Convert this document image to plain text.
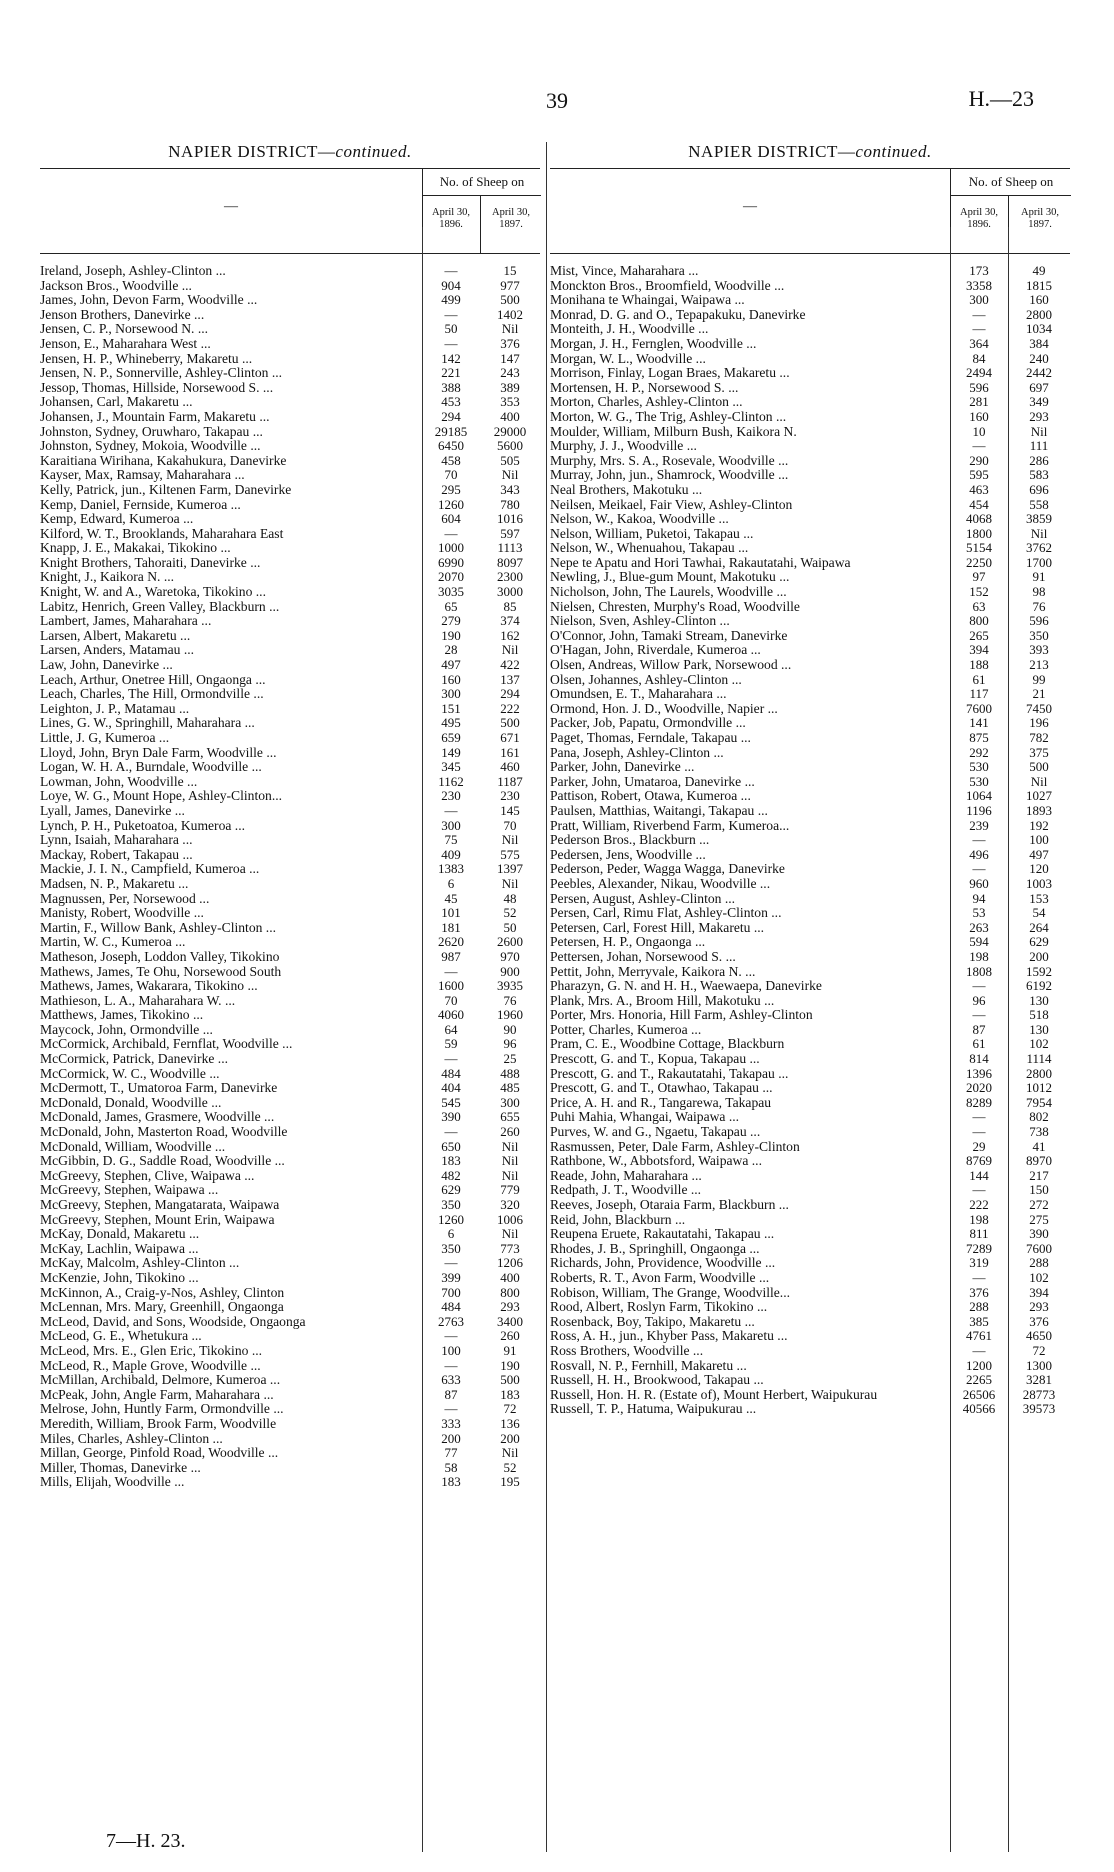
39	H.—23
NAPIER DISTRICT—continued.
—
No. of Sheep on
April 30, 1896.
April 30, 1897.
Ireland, Joseph, Ashley-Clinton ...	—	15
Jackson Bros., Woodville ...	904	977
James, John, Devon Farm, Woodville ...	499	500
Jenson Brothers, Danevirke ...	—	1402
Jensen, C. P., Norsewood N. ...	50	Nil
Jenson, E., Maharahara West ...	—	376
Jensen, H. P., Whineberry, Makaretu ...	142	147
Jensen, N. P., Sonnerville, Ashley-Clinton ...	221	243
Jessop, Thomas, Hillside, Norsewood S. ...	388	389
Johansen, Carl, Makaretu ...	453	353
Johansen, J., Mountain Farm, Makaretu ...	294	400
Johnston, Sydney, Oruwharo, Takapau ...	29185	29000
Johnston, Sydney, Mokoia, Woodville ...	6450	5600
Karaitiana Wirihana, Kakahukura, Danevirke	458	505
Kayser, Max, Ramsay, Maharahara ...	70	Nil
Kelly, Patrick, jun., Kiltenen Farm, Danevirke	295	343
Kemp, Daniel, Fernside, Kumeroa ...	1260	780
Kemp, Edward, Kumeroa ...	604	1016
Kilford, W. T., Brooklands, Maharahara East	—	597
Knapp, J. E., Makakai, Tikokino ...	1000	1113
Knight Brothers, Tahoraiti, Danevirke ...	6990	8097
Knight, J., Kaikora N. ...	2070	2300
Knight, W. and A., Waretoka, Tikokino ...	3035	3000
Labitz, Henrich, Green Valley, Blackburn ...	65	85
Lambert, James, Maharahara ...	279	374
Larsen, Albert, Makaretu ...	190	162
Larsen, Anders, Matamau ...	28	Nil
Law, John, Danevirke ...	497	422
Leach, Arthur, Onetree Hill, Ongaonga ...	160	137
Leach, Charles, The Hill, Ormondville ...	300	294
Leighton, J. P., Matamau ...	151	222
Lines, G. W., Springhill, Maharahara ...	495	500
Little, J. G, Kumeroa ...	659	671
Lloyd, John, Bryn Dale Farm, Woodville ...	149	161
Logan, W. H. A., Burndale, Woodville ...	345	460
Lowman, John, Woodville ...	1162	1187
Loye, W. G., Mount Hope, Ashley-Clinton...	230	230
Lyall, James, Danevirke ...	—	145
Lynch, P. H., Puketoatoa, Kumeroa ...	300	70
Lynn, Isaiah, Maharahara ...	75	Nil
Mackay, Robert, Takapau ...	409	575
Mackie, J. I. N., Campfield, Kumeroa ...	1383	1397
Madsen, N. P., Makaretu ...	6	Nil
Magnussen, Per, Norsewood ...	45	48
Manisty, Robert, Woodville ...	101	52
Martin, F., Willow Bank, Ashley-Clinton ...	181	50
Martin, W. C., Kumeroa ...	2620	2600
Matheson, Joseph, Loddon Valley, Tikokino	987	970
Mathews, James, Te Ohu, Norsewood South	—	900
Mathews, James, Wakarara, Tikokino ...	1600	3935
Mathieson, L. A., Maharahara W. ...	70	76
Matthews, James, Tikokino ...	4060	1960
Maycock, John, Ormondville ...	64	90
McCormick, Archibald, Fernflat, Woodville ...	59	96
McCormick, Patrick, Danevirke ...	—	25
McCormick, W. C., Woodville ...	484	488
McDermott, T., Umatoroa Farm, Danevirke	404	485
McDonald, Donald, Woodville ...	545	300
McDonald, James, Grasmere, Woodville ...	390	655
McDonald, John, Masterton Road, Woodville	—	260
McDonald, William, Woodville ...	650	Nil
McGibbin, D. G., Saddle Road, Woodville ...	183	Nil
McGreevy, Stephen, Clive, Waipawa ...	482	Nil
McGreevy, Stephen, Waipawa ...	629	779
McGreevy, Stephen, Mangatarata, Waipawa	350	320
McGreevy, Stephen, Mount Erin, Waipawa	1260	1006
McKay, Donald, Makaretu ...	6	Nil
McKay, Lachlin, Waipawa ...	350	773
McKay, Malcolm, Ashley-Clinton ...	—	1206
McKenzie, John, Tikokino ...	399	400
McKinnon, A., Craig-y-Nos, Ashley, Clinton	700	800
McLennan, Mrs. Mary, Greenhill, Ongaonga	484	293
McLeod, David, and Sons, Woodside, Ongaonga	2763	3400
McLeod, G. E., Whetukura ...	—	260
McLeod, Mrs. E., Glen Eric, Tikokino ...	100	91
McLeod, R., Maple Grove, Woodville ...	—	190
McMillan, Archibald, Delmore, Kumeroa ...	633	500
McPeak, John, Angle Farm, Maharahara ...	87	183
Melrose, John, Huntly Farm, Ormondville ...	—	72
Meredith, William, Brook Farm, Woodville	333	136
Miles, Charles, Ashley-Clinton ...	200	200
Millan, George, Pinfold Road, Woodville ...	77	Nil
Miller, Thomas, Danevirke ...	58	52
Mills, Elijah, Woodville ...	183	195
NAPIER DISTRICT—continued.
—
No. of Sheep on
April 30, 1896.
April 30, 1897.
Mist, Vince, Maharahara ...	173	49
Monckton Bros., Broomfield, Woodville ...	3358	1815
Monihana te Whaingai, Waipawa ...	300	160
Monrad, D. G. and O., Tepapakuku, Danevirke	—	2800
Monteith, J. H., Woodville ...	—	1034
Morgan, J. H., Fernglen, Woodville ...	364	384
Morgan, W. L., Woodville ...	84	240
Morrison, Finlay, Logan Braes, Makaretu ...	2494	2442
Mortensen, H. P., Norsewood S. ...	596	697
Morton, Charles, Ashley-Clinton ...	281	349
Morton, W. G., The Trig, Ashley-Clinton ...	160	293
Moulder, William, Milburn Bush, Kaikora N.	10	Nil
Murphy, J. J., Woodville ...	—	111
Murphy, Mrs. S. A., Rosevale, Woodville ...	290	286
Murray, John, jun., Shamrock, Woodville ...	595	583
Neal Brothers, Makotuku ...	463	696
Neilsen, Meikael, Fair View, Ashley-Clinton	454	558
Nelson, W., Kakoa, Woodville ...	4068	3859
Nelson, William, Puketoi, Takapau ...	1800	Nil
Nelson, W., Whenuahou, Takapau ...	5154	3762
Nepe te Apatu and Hori Tawhai, Rakautatahi, Waipawa	2250	1700
Newling, J., Blue-gum Mount, Makotuku ...	97	91
Nicholson, John, The Laurels, Woodville ...	152	98
Nielsen, Chresten, Murphy's Road, Woodville	63	76
Nielson, Sven, Ashley-Clinton ...	800	596
O'Connor, John, Tamaki Stream, Danevirke	265	350
O'Hagan, John, Riverdale, Kumeroa ...	394	393
Olsen, Andreas, Willow Park, Norsewood ...	188	213
Olsen, Johannes, Ashley-Clinton ...	61	99
Omundsen, E. T., Maharahara ...	117	21
Ormond, Hon. J. D., Woodville, Napier ...	7600	7450
Packer, Job, Papatu, Ormondville ...	141	196
Paget, Thomas, Ferndale, Takapau ...	875	782
Pana, Joseph, Ashley-Clinton ...	292	375
Parker, John, Danevirke ...	530	500
Parker, John, Umataroa, Danevirke ...	530	Nil
Pattison, Robert, Otawa, Kumeroa ...	1064	1027
Paulsen, Matthias, Waitangi, Takapau ...	1196	1893
Pratt, William, Riverbend Farm, Kumeroa...	239	192
Pederson Bros., Blackburn ...	—	100
Pedersen, Jens, Woodville ...	496	497
Pederson, Peder, Wagga Wagga, Danevirke	—	120
Peebles, Alexander, Nikau, Woodville ...	960	1003
Persen, August, Ashley-Clinton ...	94	153
Persen, Carl, Rimu Flat, Ashley-Clinton ...	53	54
Petersen, Carl, Forest Hill, Makaretu ...	263	264
Petersen, H. P., Ongaonga ...	594	629
Pettersen, Johan, Norsewood S. ...	198	200
Pettit, John, Merryvale, Kaikora N. ...	1808	1592
Pharazyn, G. N. and H. H., Waewaepa, Danevirke	—	6192
Plank, Mrs. A., Broom Hill, Makotuku ...	96	130
Porter, Mrs. Honoria, Hill Farm, Ashley-Clinton	—	518
Potter, Charles, Kumeroa ...	87	130
Pram, C. E., Woodbine Cottage, Blackburn	61	102
Prescott, G. and T., Kopua, Takapau ...	814	1114
Prescott, G. and T., Rakautatahi, Takapau ...	1396	2800
Prescott, G. and T., Otawhao, Takapau ...	2020	1012
Price, A. H. and R., Tangarewa, Takapau	8289	7954
Puhi Mahia, Whangai, Waipawa ...	—	802
Purves, W. and G., Ngaetu, Takapau ...	—	738
Rasmussen, Peter, Dale Farm, Ashley-Clinton	29	41
Rathbone, W., Abbotsford, Waipawa ...	8769	8970
Reade, John, Maharahara ...	144	217
Redpath, J. T., Woodville ...	—	150
Reeves, Joseph, Otaraia Farm, Blackburn ...	222	272
Reid, John, Blackburn ...	198	275
Reupena Eruete, Rakautatahi, Takapau ...	811	390
Rhodes, J. B., Springhill, Ongaonga ...	7289	7600
Richards, John, Providence, Woodville ...	319	288
Roberts, R. T., Avon Farm, Woodville ...	—	102
Robison, William, The Grange, Woodville...	376	394
Rood, Albert, Roslyn Farm, Tikokino ...	288	293
Rosenback, Boy, Takipo, Makaretu ...	385	376
Ross, A. H., jun., Khyber Pass, Makaretu ...	4761	4650
Ross Brothers, Woodville ...	—	72
Rosvall, N. P., Fernhill, Makaretu ...	1200	1300
Russell, H. H., Brookwood, Takapau ...	2265	3281
Russell, Hon. H. R. (Estate of), Mount Herbert, Waipukurau	26506	28773
Russell, T. P., Hatuma, Waipukurau ...	40566	39573
7—H. 23.
